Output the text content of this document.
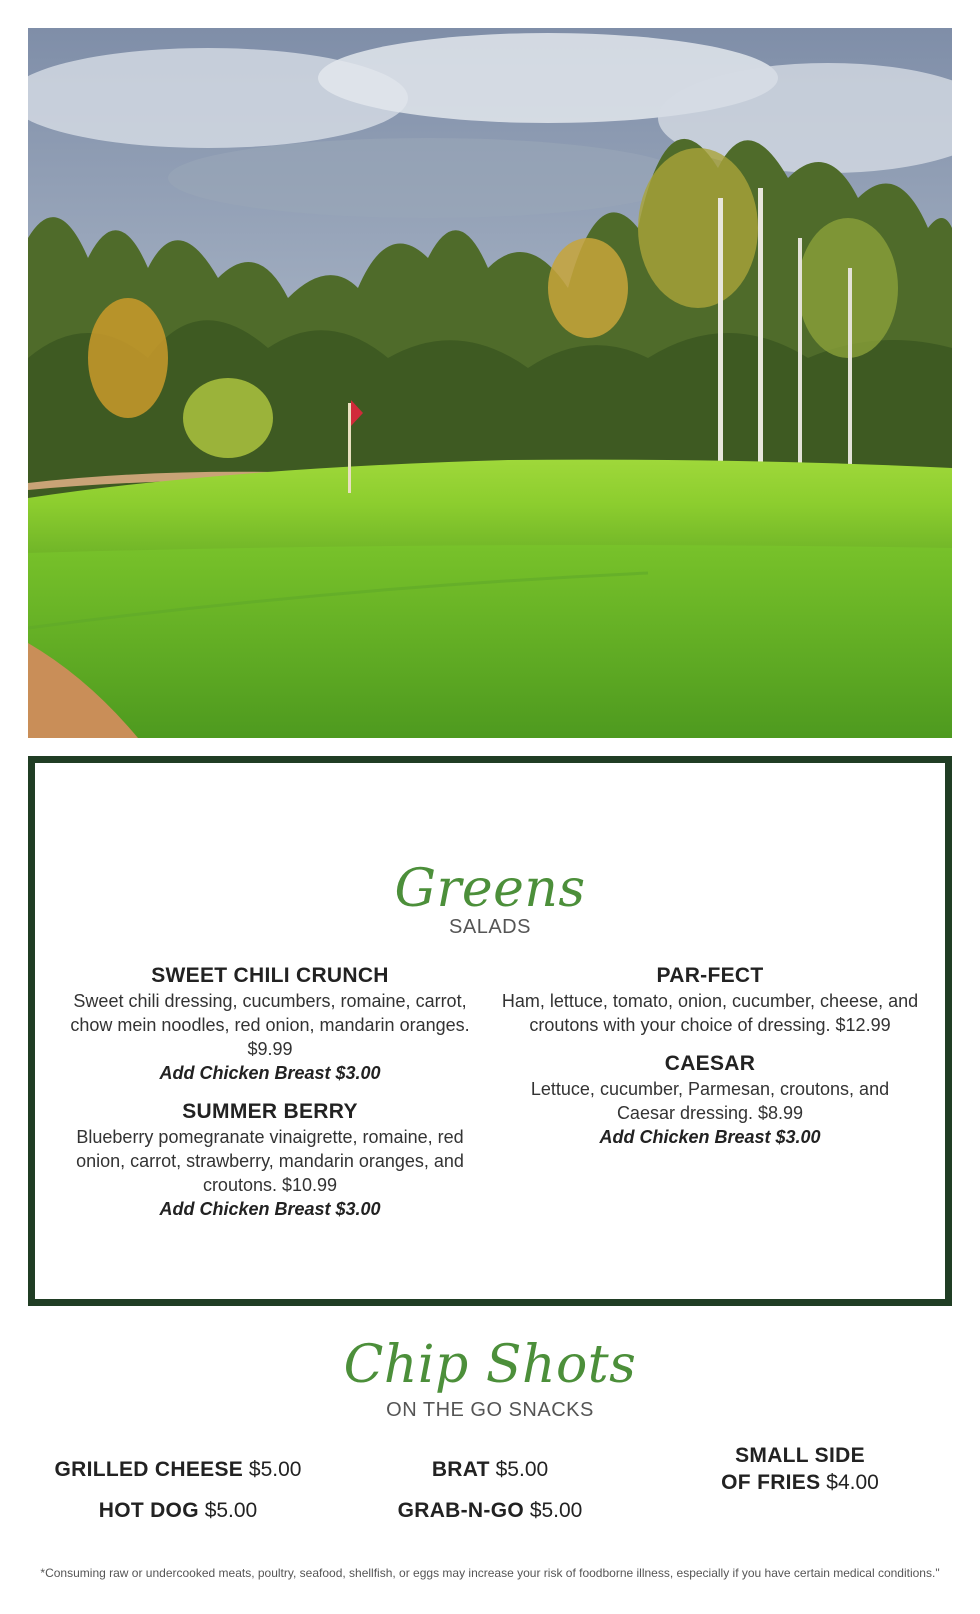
Greens
SALADS
SWEET CHILI CRUNCH
Sweet chili dressing, cucumbers, romaine, carrot, chow mein noodles, red onion, mandarin oranges. $9.99
Add Chicken Breast $3.00
SUMMER BERRY
Blueberry pomegranate vinaigrette, romaine, red onion, carrot, strawberry, mandarin oranges, and croutons. $10.99
Add Chicken Breast $3.00
PAR-FECT
Ham, lettuce, tomato, onion, cucumber, cheese, and croutons with your choice of dressing. $12.99
CAESAR
Lettuce, cucumber, Parmesan, croutons, and Caesar dressing. $8.99
Add Chicken Breast $3.00
Chip Shots
ON THE GO SNACKS
GRILLED CHEESE $5.00
HOT DOG $5.00
BRAT $5.00
GRAB-N-GO $5.00
SMALL SIDE
OF FRIES $4.00
*Consuming raw or undercooked meats, poultry, seafood, shellfish, or eggs may increase your risk of foodborne illness, especially if you have certain medical conditions."
